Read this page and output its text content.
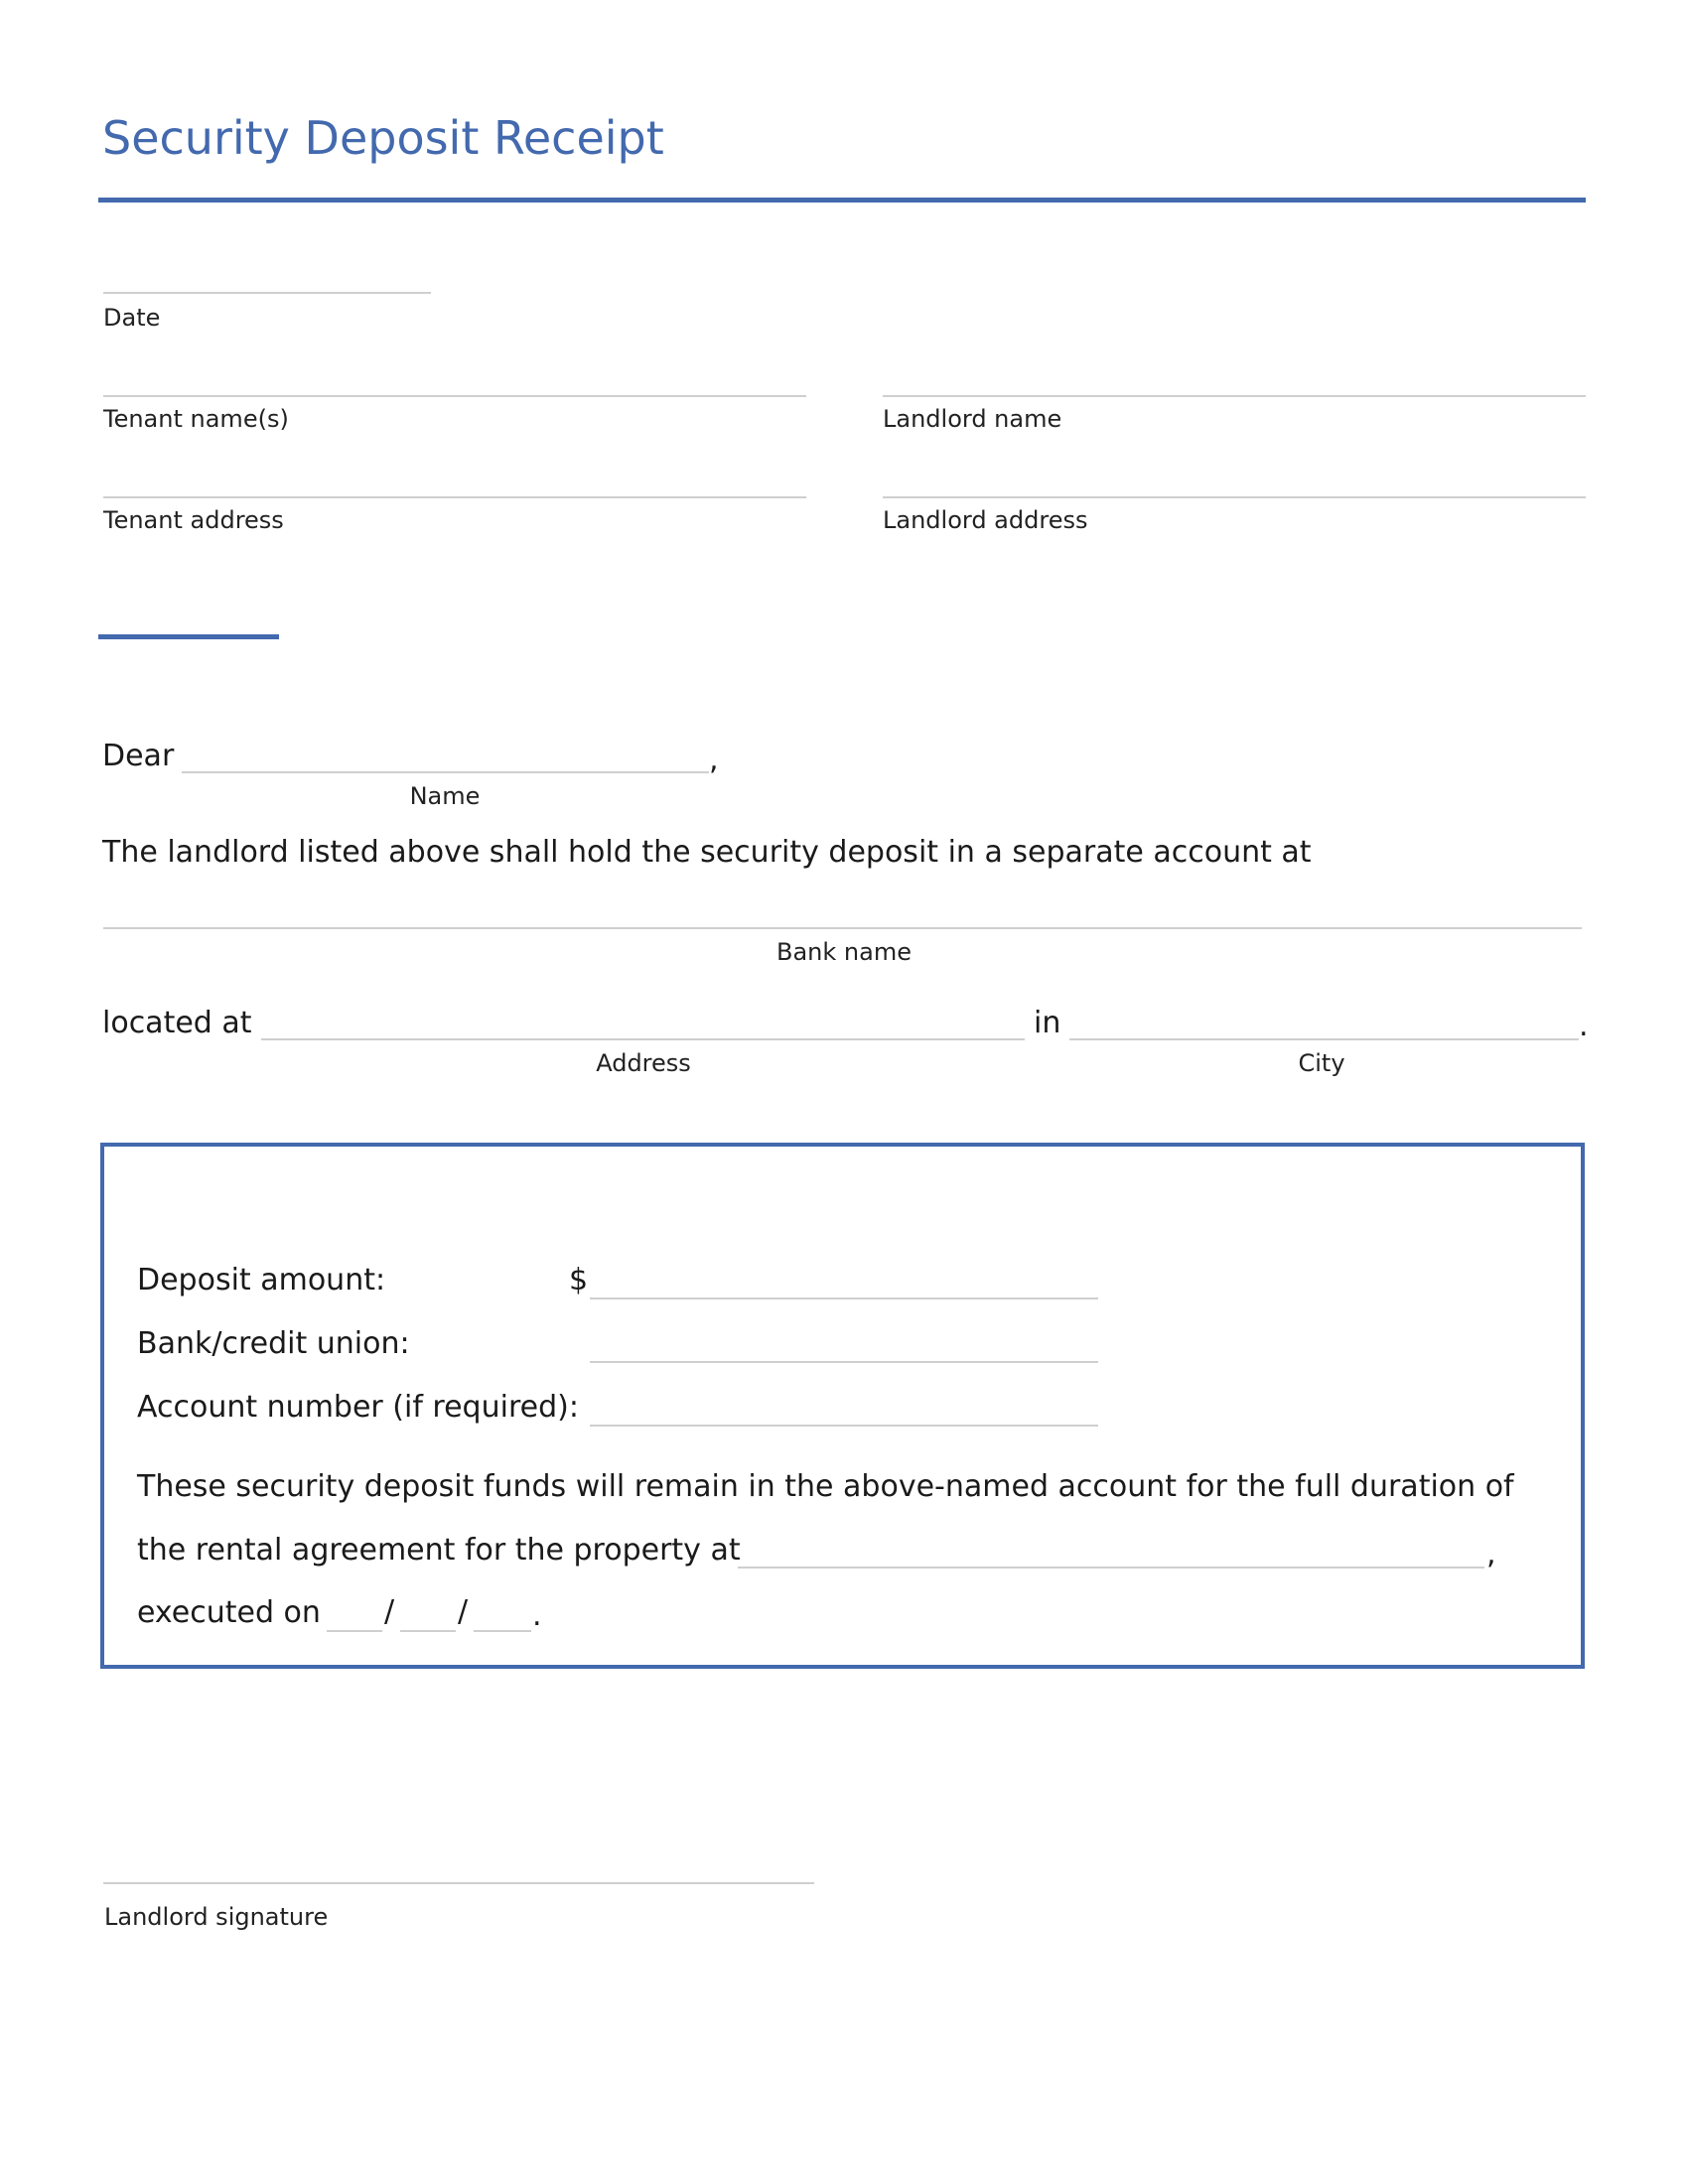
Security Deposit Receipt
Date
Tenant name(s)	Landlord name
Tenant address	Landlord address
Dear	,
Name
The landlord listed above shall hold the security deposit in a separate account at
Bank name
located at	in	.
Address	City
Deposit amount:	$
Bank/credit union:
Account number (if required):
These security deposit funds will remain in the above-named account for the full duration of
the rental agreement for the property at	,
executed on / / .
Landlord signature
